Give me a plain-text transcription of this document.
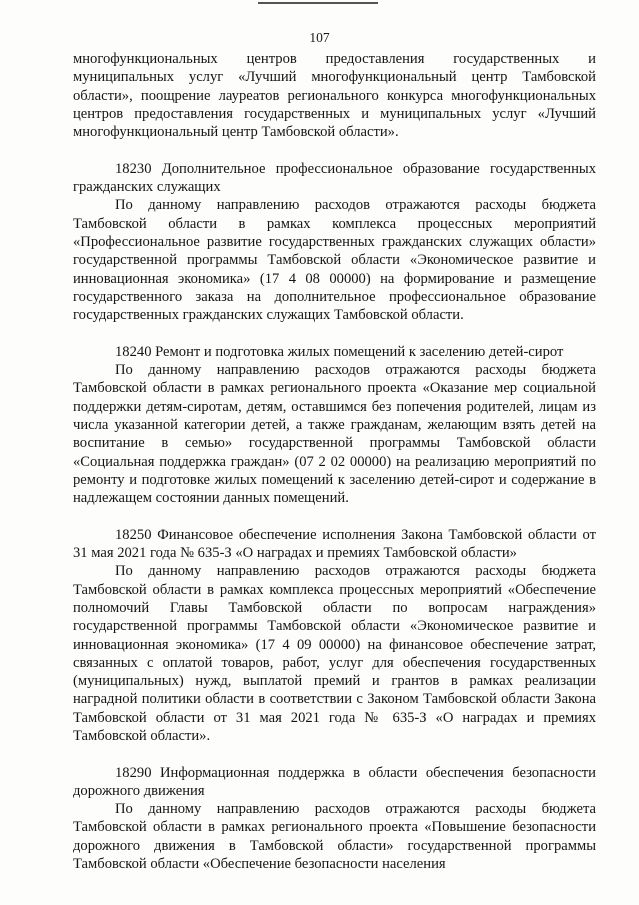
107

многофункциональных центров предоставления государственных и муниципальных услуг «Лучший многофункциональный центр Тамбовской области», поощрение лауреатов регионального конкурса многофункциональных центров предоставления государственных и муниципальных услуг «Лучший многофункциональный центр Тамбовской области».

18230 Дополнительное профессиональное образование государственных гражданских служащих

По данному направлению расходов отражаются расходы бюджета Тамбовской области в рамках комплекса процессных мероприятий «Профессиональное развитие государственных гражданских служащих области» государственной программы Тамбовской области «Экономическое развитие и инновационная экономика» (17 4 08 00000) на формирование и размещение государственного заказа на дополнительное профессиональное образование государственных гражданских служащих Тамбовской области.

18240 Ремонт и подготовка жилых помещений к заселению детей-сирот

По данному направлению расходов отражаются расходы бюджета Тамбовской области в рамках регионального проекта «Оказание мер социальной поддержки детям-сиротам, детям, оставшимся без попечения родителей, лицам из числа указанной категории детей, а также гражданам, желающим взять детей на воспитание в семью» государственной программы Тамбовской области «Социальная поддержка граждан» (07 2 02 00000) на реализацию мероприятий по ремонту и подготовке жилых помещений к заселению детей-сирот и содержание в надлежащем состоянии данных помещений.

18250 Финансовое обеспечение исполнения Закона Тамбовской области от 31 мая 2021 года № 635-З «О наградах и премиях Тамбовской области»

По данному направлению расходов отражаются расходы бюджета Тамбовской области в рамках комплекса процессных мероприятий «Обеспечение полномочий Главы Тамбовской области по вопросам награждения» государственной программы Тамбовской области «Экономическое развитие и инновационная экономика» (17 4 09 00000) на финансовое обеспечение затрат, связанных с оплатой товаров, работ, услуг для обеспечения государственных (муниципальных) нужд, выплатой премий и грантов в рамках реализации наградной политики области в соответствии с Законом Тамбовской области Закона Тамбовской области от 31 мая 2021 года № 635-З «О наградах и премиях Тамбовской области».

18290 Информационная поддержка в области обеспечения безопасности дорожного движения

По данному направлению расходов отражаются расходы бюджета Тамбовской области в рамках регионального проекта «Повышение безопасности дорожного движения в Тамбовской области» государственной программы Тамбовской области «Обеспечение безопасности населения
